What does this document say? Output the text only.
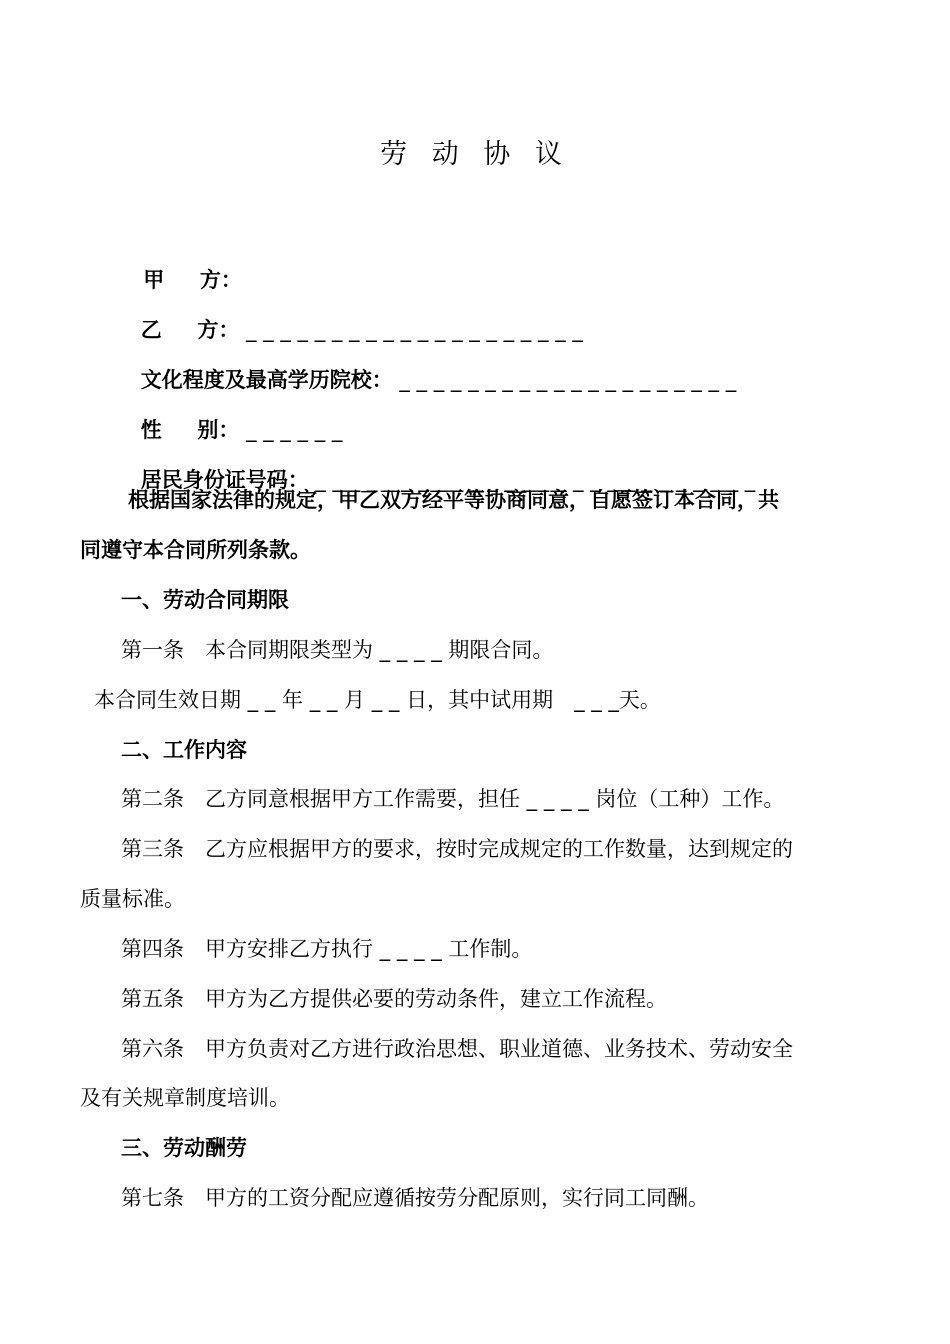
劳 动 协 议

甲　  方：

乙　  方： _ _ _ _ _ _ _ _ _ _ _ _ _ _ _ _ _ _ _ _

文化程度及最高学历院校： _ _ _ _ _ _ _ _ _ _ _ _ _ _ _ _ _ _ _ _

性　  别： _ _ _ _ _ _

居民身份证号码： _ _ _ _ _ _ _ _ _ _ _ _ _ _ _ _ _ _ _ _ _ _ _ _ _ _

根据国家法律的规定，甲乙双方经平等协商同意，自愿签订本合同，共
同遵守本合同所列条款。
一、劳动合同期限
第一条　本合同期限类型为 _ _ _ _ 期限合同。
本合同生效日期 _ _ 年 _ _ 月 _ _ 日，其中试用期　_ _ _天。
二、工作内容
第二条　乙方同意根据甲方工作需要，担任 _ _ _ _ 岗位（工种）工作。
第三条　乙方应根据甲方的要求，按时完成规定的工作数量，达到规定的
质量标准。
第四条　甲方安排乙方执行 _ _ _ _ 工作制。
第五条　甲方为乙方提供必要的劳动条件，建立工作流程。
第六条　甲方负责对乙方进行政治思想、职业道德、业务技术、劳动安全
及有关规章制度培训。
三、劳动酬劳
第七条　甲方的工资分配应遵循按劳分配原则，实行同工同酬。
